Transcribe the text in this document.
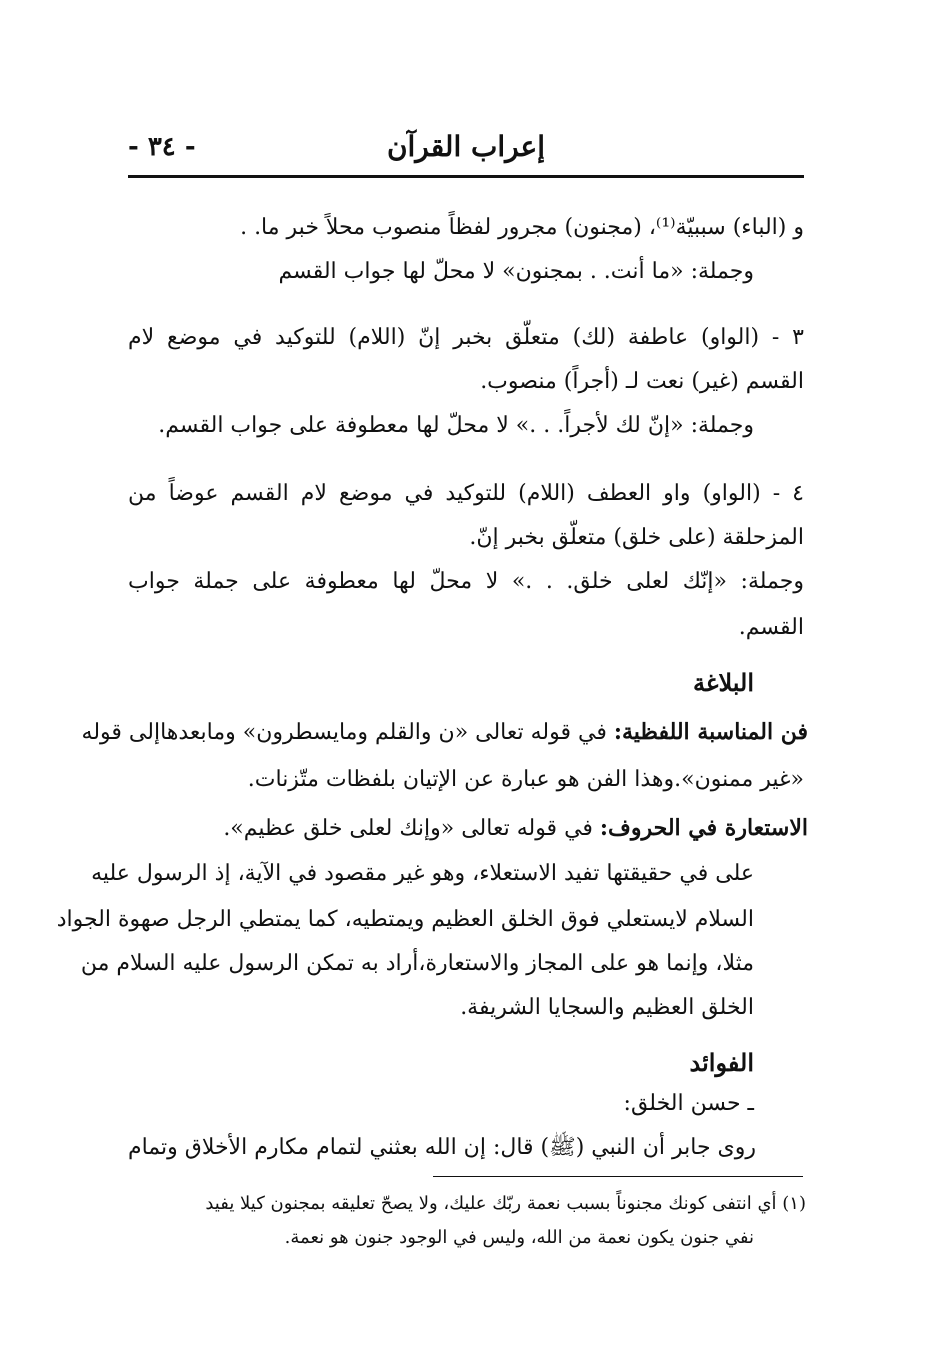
إعراب القرآن
- ٣٤ -
و (الباء) سببيّة⁽¹⁾، (مجنون) مجرور لفظاً منصوب محلاً خبر ما. .
وجملة: «ما أنت. . بمجنون» لا محلّ لها جواب القسم
٣ - (الواو) عاطفة (لك) متعلّق بخبر إنّ (اللام) للتوكيد في موضع لام
القسم (غير) نعت لـ (أجراً) منصوب.
وجملة: «إنّ لك لأجراً. . .» لا محلّ لها معطوفة على جواب القسم.
٤ - (الواو) واو العطف (اللام) للتوكيد في موضع لام القسم عوضاً من
المزحلقة (على خلق) متعلّق بخبر إنّ.
وجملة: «إنّك لعلى خلق. . .» لا محلّ لها معطوفة على جملة جواب
القسم.
البلاغة
فن المناسبة اللفظية: في قوله تعالى «ن والقلم ومايسطرون» ومابعدهاإلى قوله
«غير ممنون».وهذا الفن هو عبارة عن الإتيان بلفظات متّزنات.
الاستعارة في الحروف: في قوله تعالى «وإنك لعلى خلق عظيم».
على في حقيقتها تفيد الاستعلاء، وهو غير مقصود في الآية، إذ الرسول عليه
السلام لايستعلي فوق الخلق العظيم ويمتطيه، كما يمتطي الرجل صهوة الجواد
مثلا، وإنما هو على المجاز والاستعارة،أراد به تمكن الرسول عليه السلام من
الخلق العظيم والسجايا الشريفة.
الفوائد
ـ حسن الخلق:
روى جابر أن النبي (ﷺ) قال: إن الله بعثني لتمام مكارم الأخلاق وتمام
(١) أي انتفى كونك مجنوناً بسبب نعمة ربّك عليك، ولا يصحّ تعليقه بمجنون كيلا يفيد
نفي جنون يكون نعمة من الله، وليس في الوجود جنون هو نعمة.
